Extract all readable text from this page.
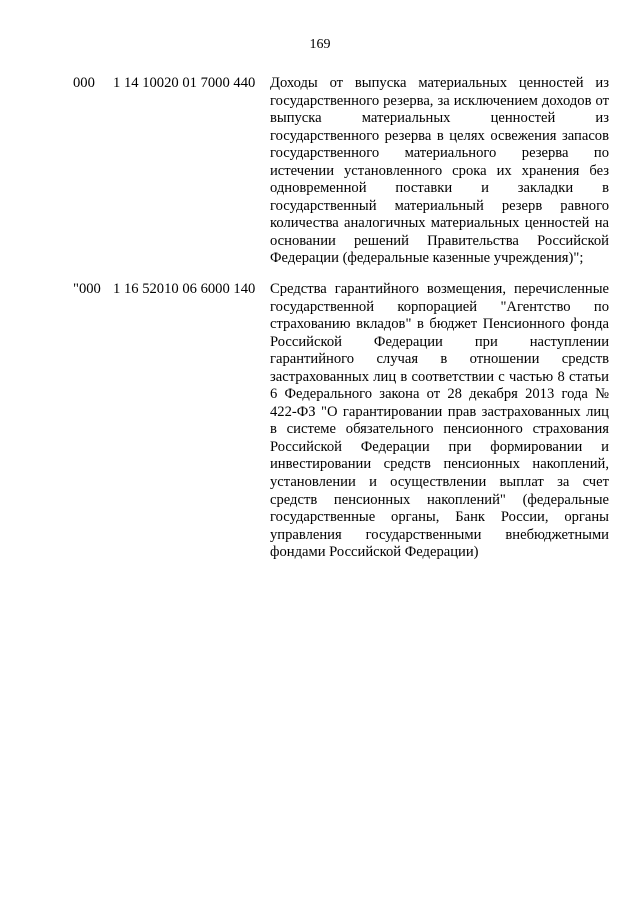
169
000 1 14 10020 01 7000 440 Доходы от выпуска материальных ценностей из государственного резерва, за исключением доходов от выпуска материальных ценностей из государственного резерва в целях освежения запасов государственного материального резерва по истечении установленного срока их хранения без одновременной поставки и закладки в государственный материальный резерв равного количества аналогичных материальных ценностей на основании решений Правительства Российской Федерации (федеральные казенные учреждения)";
"000 1 16 52010 06 6000 140 Средства гарантийного возмещения, перечисленные государственной корпорацией "Агентство по страхованию вкладов" в бюджет Пенсионного фонда Российской Федерации при наступлении гарантийного случая в отношении средств застрахованных лиц в соответствии с частью 8 статьи 6 Федерального закона от 28 декабря 2013 года № 422-ФЗ "О гарантировании прав застрахованных лиц в системе обязательного пенсионного страхования Российской Федерации при формировании и инвестировании средств пенсионных накоплений, установлении и осуществлении выплат за счет средств пенсионных накоплений" (федеральные государственные органы, Банк России, органы управления государственными внебюджетными фондами Российской Федерации)
